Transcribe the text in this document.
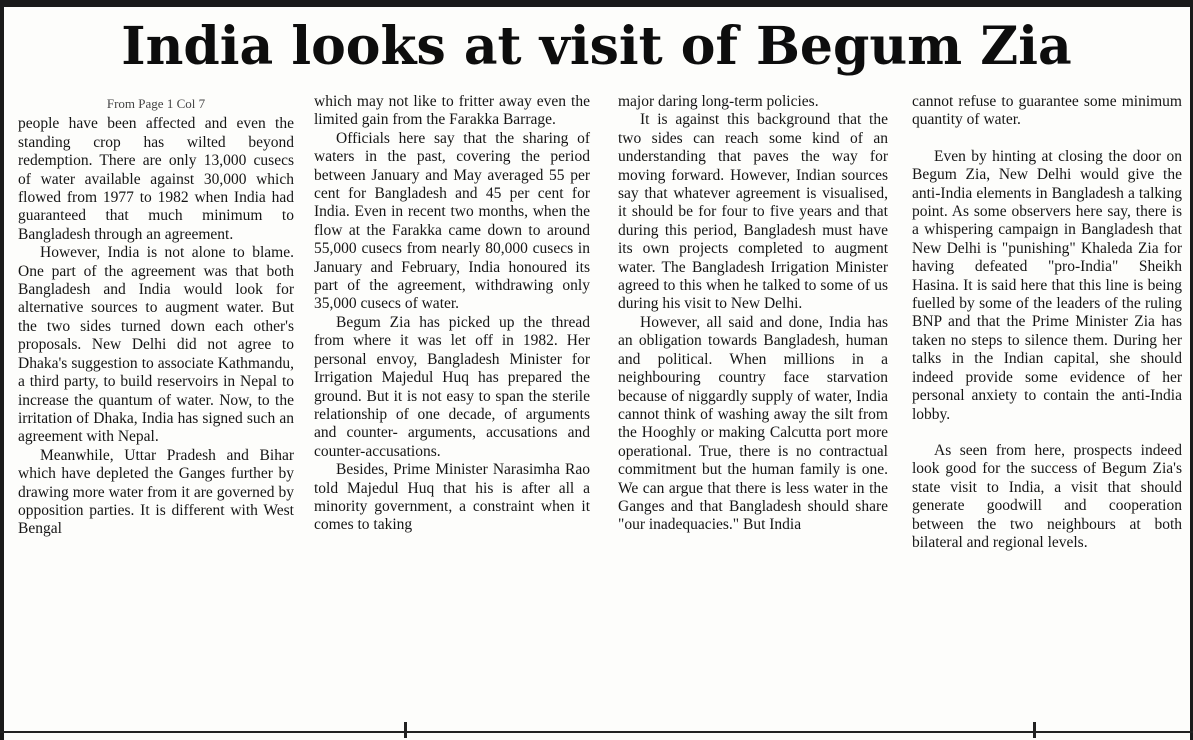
India looks at visit of Begum Zia
From Page 1 Col 7

people have been affected and even the standing crop has wilted beyond redemption. There are only 13,000 cusecs of water available against 30,000 which flowed from 1977 to 1982 when India had guaranteed that much minimum to Bangladesh through an agreement.

However, India is not alone to blame. One part of the agreement was that both Bangladesh and India would look for alternative sources to augment water. But the two sides turned down each other's proposals. New Delhi did not agree to Dhaka's suggestion to associate Kathmandu, a third party, to build reservoirs in Nepal to increase the quantum of water. Now, to the irritation of Dhaka, India has signed such an agreement with Nepal.

Meanwhile, Uttar Pradesh and Bihar which have depleted the Ganges further by drawing more water from it are governed by opposition parties. It is different with West Bengal

which may not like to fritter away even the limited gain from the Farakka Barrage.

Officials here say that the sharing of waters in the past, covering the period between January and May averaged 55 per cent for Bangladesh and 45 per cent for India. Even in recent two months, when the flow at the Farakka came down to around 55,000 cusecs from nearly 80,000 cusecs in January and February, India honoured its part of the agreement, withdrawing only 35,000 cusecs of water.

Begum Zia has picked up the thread from where it was let off in 1982. Her personal envoy, Bangladesh Minister for Irrigation Majedul Huq has prepared the ground. But it is not easy to span the sterile relationship of one decade, of arguments and counter- arguments, accusations and counter-accusations.

Besides, Prime Minister Narasimha Rao told Majedul Huq that his is after all a minority government, a constraint when it comes to taking

major daring long-term policies.

It is against this background that the two sides can reach some kind of an understanding that paves the way for moving forward. However, Indian sources say that whatever agreement is visualised, it should be for four to five years and that during this period, Bangladesh must have its own projects completed to augment water. The Bangladesh Irrigation Minister agreed to this when he talked to some of us during his visit to New Delhi.

However, all said and done, India has an obligation towards Bangladesh, human and political. When millions in a neighbouring country face starvation because of niggardly supply of water, India cannot think of washing away the silt from the Hooghly or making Calcutta port more operational. True, there is no contractual commitment but the human family is one. We can argue that there is less water in the Ganges and that Bangladesh should share "our inadequacies." But India

cannot refuse to guarantee some minimum quantity of water.

Even by hinting at closing the door on Begum Zia, New Delhi would give the anti-India elements in Bangladesh a talking point. As some observers here say, there is a whispering campaign in Bangladesh that New Delhi is "punishing" Khaleda Zia for having defeated "pro-India" Sheikh Hasina. It is said here that this line is being fuelled by some of the leaders of the ruling BNP and that the Prime Minister Zia has taken no steps to silence them. During her talks in the Indian capital, she should indeed provide some evidence of her personal anxiety to contain the anti-India lobby.

As seen from here, prospects indeed look good for the success of Begum Zia's state visit to India, a visit that should generate goodwill and cooperation between the two neighbours at both bilateral and regional levels.
